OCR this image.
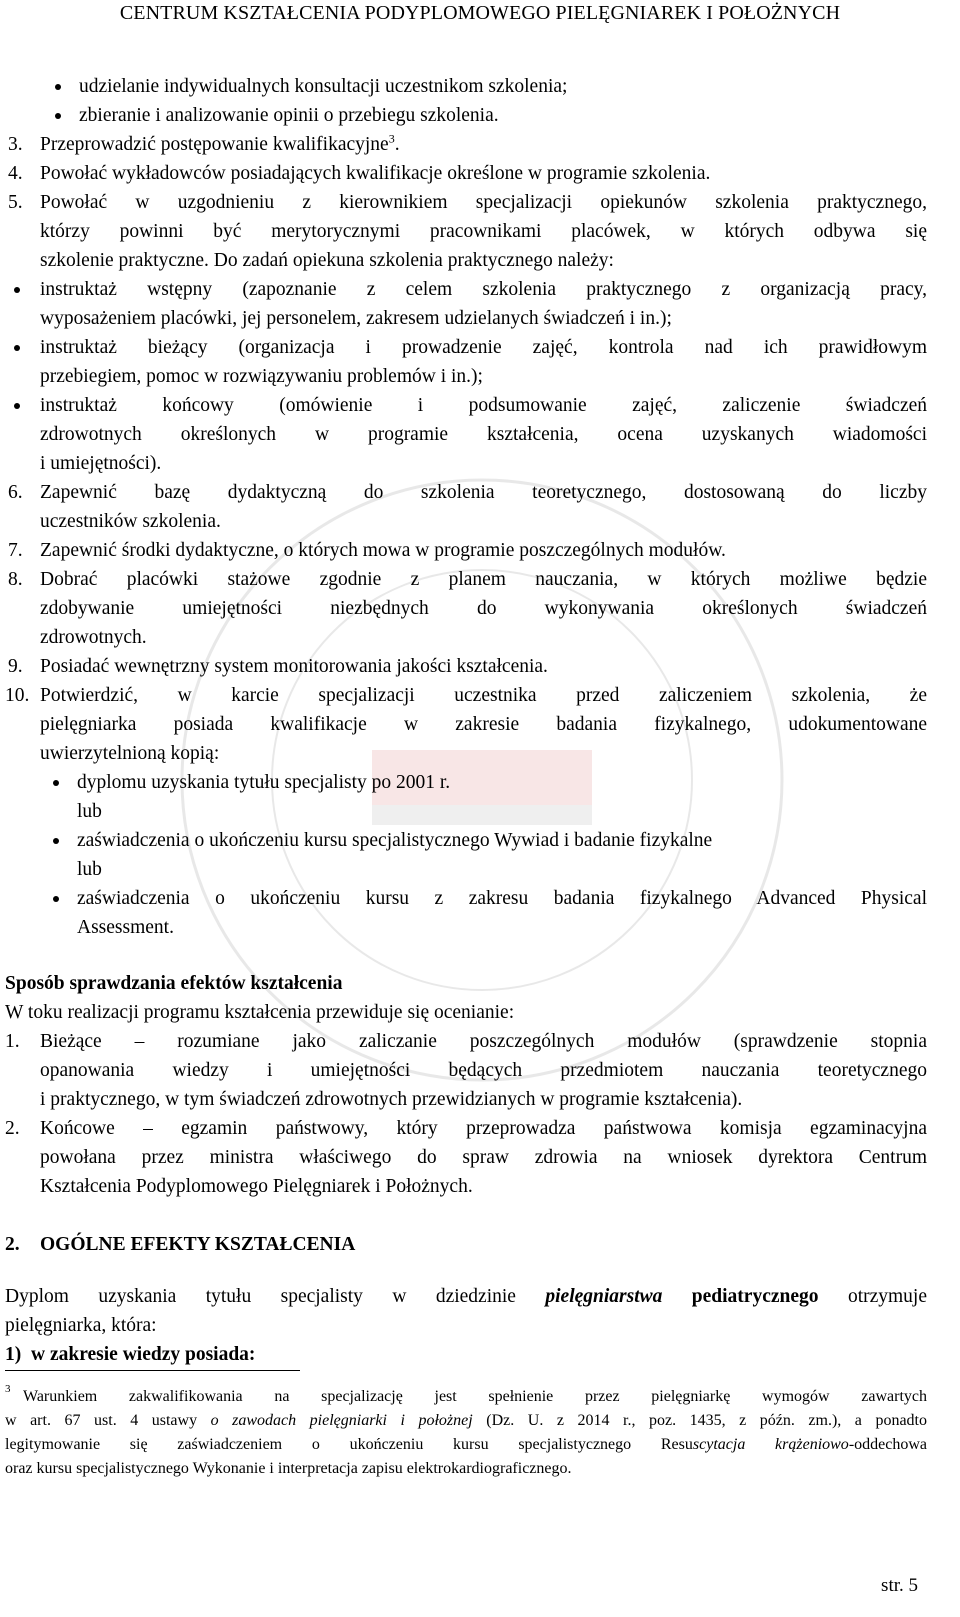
CENTRUM KSZTAŁCENIA PODYPLOMOWEGO PIELĘGNIAREK I POŁOŻNYCH
udzielanie indywidualnych konsultacji uczestnikom szkolenia;
zbieranie i analizowanie opinii o przebiegu szkolenia.
3. Przeprowadzić postępowanie kwalifikacyjne$^3$.
4. Powołać wykładowców posiadających kwalifikacje określone w programie szkolenia.
5. Powołać w uzgodnieniu z kierownikiem specjalizacji opiekunów szkolenia praktycznego,
którzy powinni być merytorycznymi pracownikami placówek, w których odbywa się
szkolenie praktyczne. Do zadań opiekuna szkolenia praktycznego należy:
instruktaż wstępny (zapoznanie z celem szkolenia praktycznego z organizacją pracy,
wyposażeniem placówki, jej personelem, zakresem udzielanych świadczeń i in.);
instruktaż bieżący (organizacja i prowadzenie zajęć, kontrola nad ich prawidłowym
przebiegiem, pomoc w rozwiązywaniu problemów i in.);
instruktaż końcowy (omówienie i podsumowanie zajęć, zaliczenie świadczeń
zdrowotnych określonych w programie kształcenia, ocena uzyskanych wiadomości
i umiejętności).
6. Zapewnić bazę dydaktyczną do szkolenia teoretycznego, dostosowaną do liczby
uczestników szkolenia.
7. Zapewnić środki dydaktyczne, o których mowa w programie poszczególnych modułów.
8. Dobrać placówki stażowe zgodnie z planem nauczania, w których możliwe będzie
zdobywanie umiejętności niezbędnych do wykonywania określonych świadczeń
zdrowotnych.
9. Posiadać wewnętrzny system monitorowania jakości kształcenia.
10. Potwierdzić, w karcie specjalizacji uczestnika przed zaliczeniem szkolenia, że
pielęgniarka posiada kwalifikacje w zakresie badania fizykalnego, udokumentowane
uwierzytelnioną kopią:
dyplomu uzyskania tytułu specjalisty po 2001 r.
lub
zaświadczenia o ukończeniu kursu specjalistycznego Wywiad i badanie fizykalne
lub
zaświadczenia o ukończeniu kursu z zakresu badania fizykalnego Advanced Physical
Assessment.
Sposób sprawdzania efektów kształcenia
W toku realizacji programu kształcenia przewiduje się ocenianie:
1. Bieżące – rozumiane jako zaliczanie poszczególnych modułów (sprawdzenie stopnia
opanowania wiedzy i umiejętności będących przedmiotem nauczania teoretycznego
i praktycznego, w tym świadczeń zdrowotnych przewidzianych w programie kształcenia).
2. Końcowe – egzamin państwowy, który przeprowadza państwowa komisja egzaminacyjna
powołana przez ministra właściwego do spraw zdrowia na wniosek dyrektora Centrum
Kształcenia Podyplomowego Pielęgniarek i Położnych.
2. OGÓLNE EFEKTY KSZTAŁCENIA
Dyplom uzyskania tytułu specjalisty w dziedzinie pielęgniarstwa pediatrycznego otrzymuje
pielęgniarka, która:
1)  w zakresie wiedzy posiada:
3 Warunkiem zakwalifikowania na specjalizację jest spełnienie przez pielęgniarkę wymogów zawartych
w art. 67 ust. 4 ustawy o zawodach pielęgniarki i położnej (Dz. U. z 2014 r., poz. 1435, z późn. zm.), a ponadto
legitymowanie się zaświadczeniem o ukończeniu kursu specjalistycznego Resuscytacja krążeniowo-oddechowa
oraz kursu specjalistycznego Wykonanie i interpretacja zapisu elektrokardiograficznego.
str. 5
